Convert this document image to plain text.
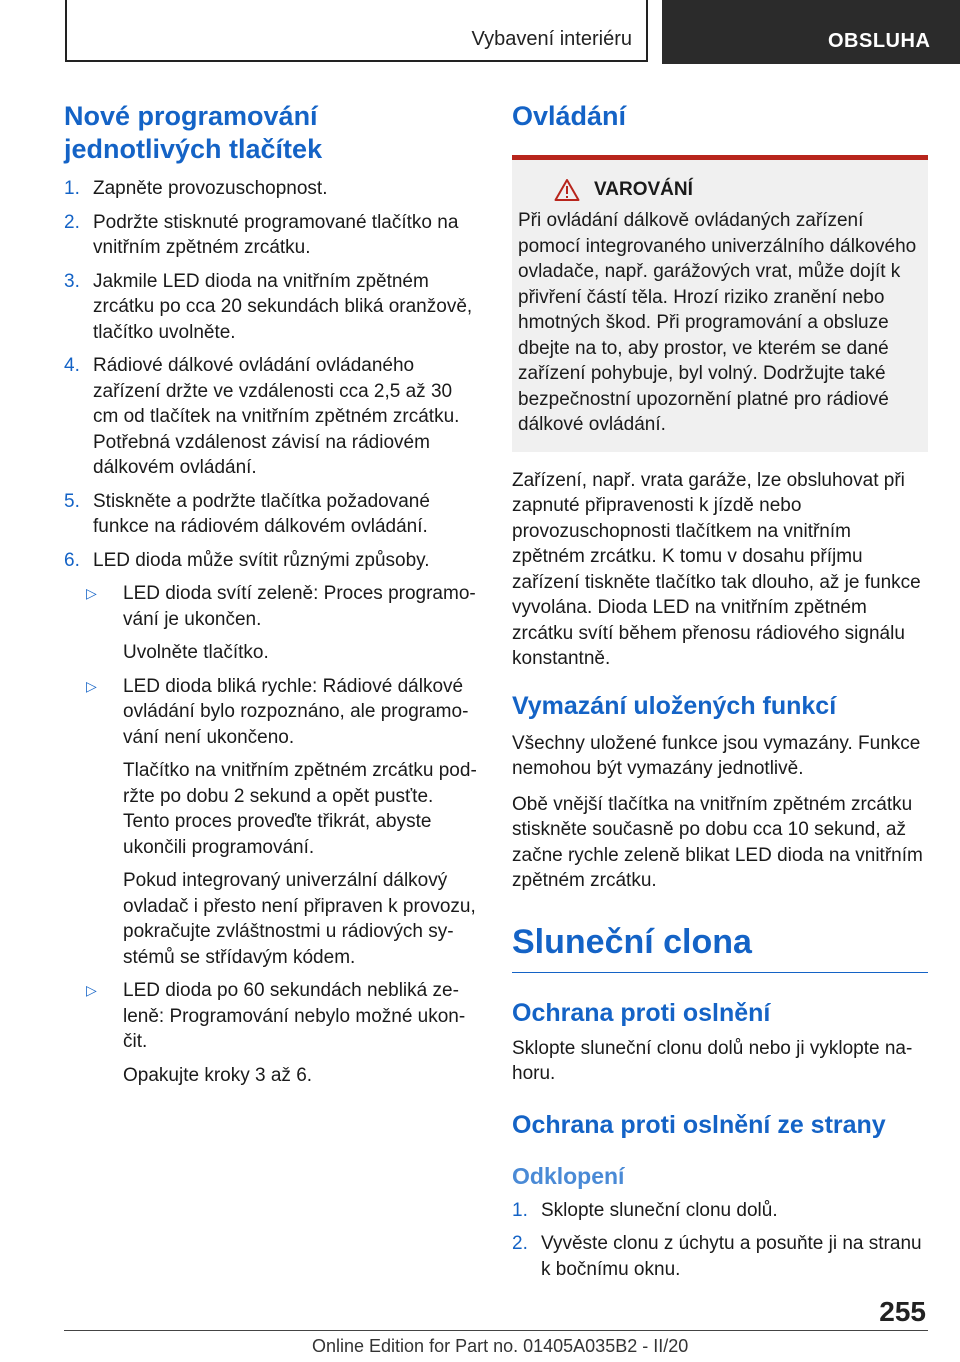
Vybavení interiéru	OBSLUHA
Nové programování jednotlivých tlačítek
1. Zapněte provozuschopnost.
2. Podržte stisknuté programované tlačítko na vnitřním zpětném zrcátku.
3. Jakmile LED dioda na vnitřním zpětném zrcátku po cca 20 sekundách bliká oranžově, tlačítko uvolněte.
4. Rádiové dálkové ovládání ovládaného zařízení držte ve vzdálenosti cca 2,5 až 30 cm od tlačítek na vnitřním zpětném zrcátku. Potřebná vzdálenost závisí na rádiovém dálkovém ovládání.
5. Stiskněte a podržte tlačítka požadované funkce na rádiovém dálkovém ovládání.
6. LED dioda může svítit různými způsoby.
▷ LED dioda svítí zeleně: Proces programování je ukončen.
Uvolněte tlačítko.
▷ LED dioda bliká rychle: Rádiové dálkové ovládání bylo rozpoznáno, ale programování není ukončeno.
Tlačítko na vnitřním zpětném zrcátku podržte po dobu 2 sekund a opět pusťte. Tento proces proveďte třikrát, abyste ukončili programování.
Pokud integrovaný univerzální dálkový ovladač i přesto není připraven k provozu, pokračujte zvláštnostmi u rádiových systémů se střídavým kódem.
▷ LED dioda po 60 sekundách nebliká zeleně: Programování nebylo možné ukončit.
Opakujte kroky 3 až 6.
Ovládání
VAROVÁNÍ

Při ovládání dálkově ovládaných zařízení pomocí integrovaného univerzálního dálkového ovladače, např. garážových vrat, může dojít k přivření částí těla. Hrozí riziko zranění nebo hmotných škod. Při programování a obsluze dbejte na to, aby prostor, ve kterém se dané zařízení pohybuje, byl volný. Dodržujte také bezpečnostní upozornění platné pro rádiové dálkové ovládání.

Zařízení, např. vrata garáže, lze obsluhovat při zapnuté připravenosti k jízdě nebo provozuschopnosti tlačítkem na vnitřním zpětném zrcátku. K tomu v dosahu příjmu zařízení tiskněte tlačítko tak dlouho, až je funkce vyvolána. Dioda LED na vnitřním zpětném zrcátku svítí během přenosu rádiového signálu konstantně.

Vymazání uložených funkcí

Všechny uložené funkce jsou vymazány. Funkce nemohou být vymazány jednotlivě.

Obě vnější tlačítka na vnitřním zpětném zrcátku stiskněte současně po dobu cca 10 sekund, až začne rychle zeleně blikat LED dioda na vnitřním zpětném zrcátku.

Sluneční clona
Ochrana proti oslnění

Sklopte sluneční clonu dolů nebo ji vyklopte nahoru.

Ochrana proti oslnění ze strany
Odklopení
1. Sklopte sluneční clonu dolů.
2. Vyvěste clonu z úchytu a posuňte ji na stranu k bočnímu oknu.
255
Online Edition for Part no. 01405A035B2 - II/20
